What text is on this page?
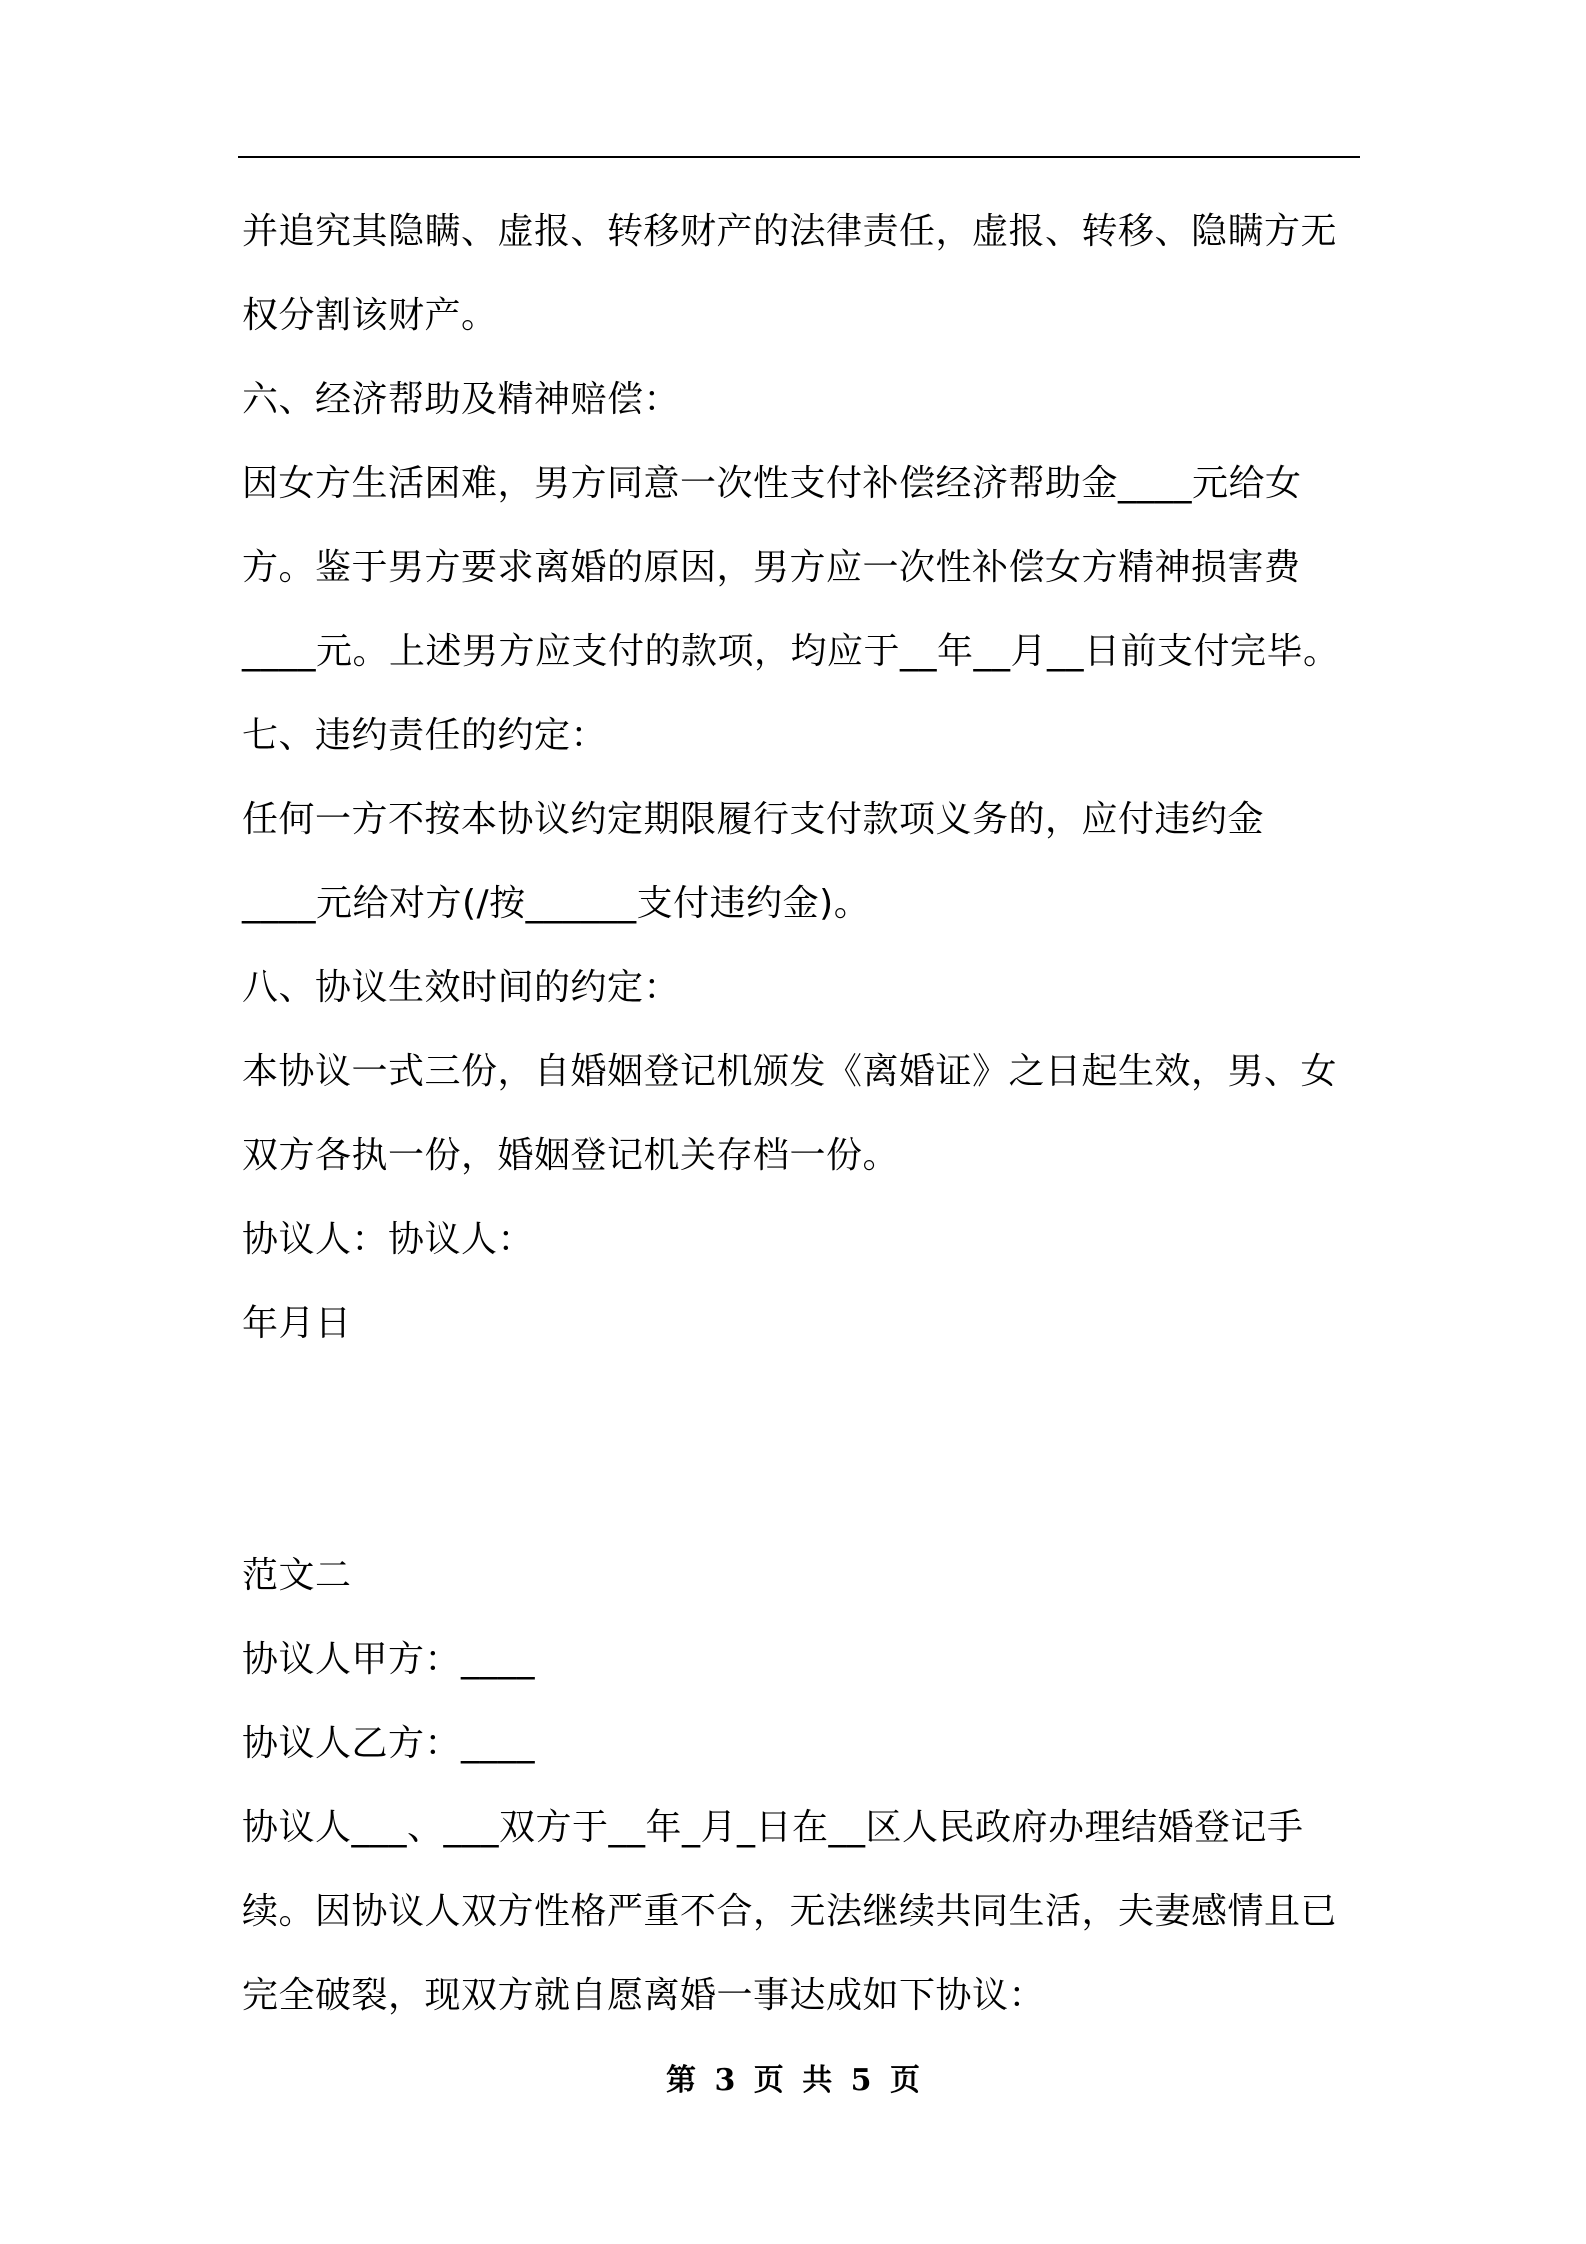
并追究其隐瞒、虚报、转移财产的法律责任，虚报、转移、隐瞒方无
权分割该财产。
六、经济帮助及精神赔偿：
因女方生活困难，男方同意一次性支付补偿经济帮助金____元给女
方。鉴于男方要求离婚的原因，男方应一次性补偿女方精神损害费
____元。上述男方应支付的款项，均应于__年__月__日前支付完毕。
七、违约责任的约定：
任何一方不按本协议约定期限履行支付款项义务的，应付违约金
____元给对方(/按______支付违约金)。
八、协议生效时间的约定：
本协议一式三份，自婚姻登记机颁发《离婚证》之日起生效，男、女
双方各执一份，婚姻登记机关存档一份。
协议人：协议人：
年月日
范文二
协议人甲方：____
协议人乙方：____
协议人___、___双方于__年_月_日在__区人民政府办理结婚登记手
续。因协议人双方性格严重不合，无法继续共同生活，夫妻感情且已
完全破裂，现双方就自愿离婚一事达成如下协议：
第 3 页 共 5 页
